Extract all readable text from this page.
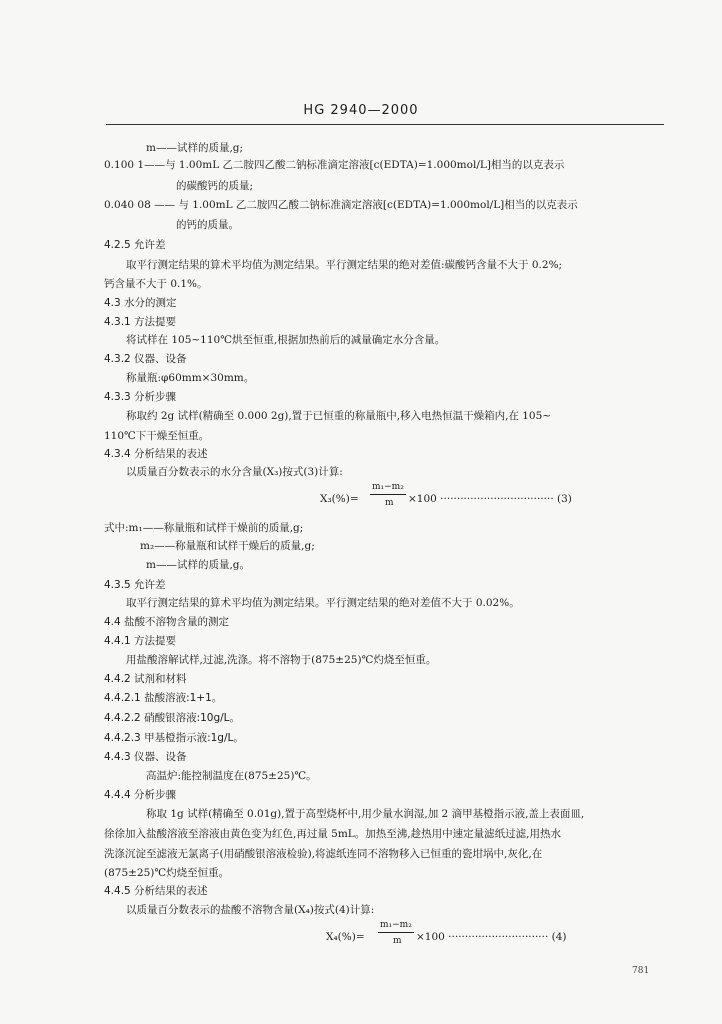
HG 2940—2000
m——试样的质量,g;
0.100 1——与 1.00mL 乙二胺四乙酸二钠标准滴定溶液[c(EDTA)=1.000mol/L]相当的以克表示
的碳酸钙的质量;
0.040 08 —— 与 1.00mL 乙二胺四乙酸二钠标准滴定溶液[c(EDTA)=1.000mol/L]相当的以克表示
的钙的质量。
4.2.5 允许差
取平行测定结果的算术平均值为测定结果。平行测定结果的绝对差值:碳酸钙含量不大于 0.2%;
钙含量不大于 0.1%。
4.3 水分的测定
4.3.1 方法提要
将试样在 105~110℃烘至恒重,根据加热前后的减量确定水分含量。
4.3.2 仪器、设备
称量瓶:φ60mm×30mm。
4.3.3 分析步骤
称取约 2g 试样(精确至 0.000 2g),置于已恒重的称量瓶中,移入电热恒温干燥箱内,在 105~
110℃下干燥至恒重。
4.3.4 分析结果的表述
以质量百分数表示的水分含量(X₃)按式(3)计算:
X₃(%)=
m₁−m₂
m ×100 ·································· (3)
式中:m₁——称量瓶和试样干燥前的质量,g;
m₂——称量瓶和试样干燥后的质量,g;
m——试样的质量,g。
4.3.5 允许差
取平行测定结果的算术平均值为测定结果。平行测定结果的绝对差值不大于 0.02%。
4.4 盐酸不溶物含量的测定
4.4.1 方法提要
用盐酸溶解试样,过滤,洗涤。将不溶物于(875±25)℃灼烧至恒重。
4.4.2 试剂和材料
4.4.2.1 盐酸溶液:1+1。
4.4.2.2 硝酸银溶液:10g/L。
4.4.2.3 甲基橙指示液:1g/L。
4.4.3 仪器、设备
高温炉:能控制温度在(875±25)℃。
4.4.4 分析步骤
称取 1g 试样(精确至 0.01g),置于高型烧杯中,用少量水润湿,加 2 滴甲基橙指示液,盖上表面皿,
徐徐加入盐酸溶液至溶液由黄色变为红色,再过量 5mL。加热至沸,趁热用中速定量滤纸过滤,用热水
洗涤沉淀至滤液无氯离子(用硝酸银溶液检验),将滤纸连同不溶物移入已恒重的瓷坩埚中,灰化,在
(875±25)℃灼烧至恒重。
4.4.5 分析结果的表述
以质量百分数表示的盐酸不溶物含量(X₄)按式(4)计算:
X₄(%)=
m₁−m₂
m ×100 ······························ (4)
781
